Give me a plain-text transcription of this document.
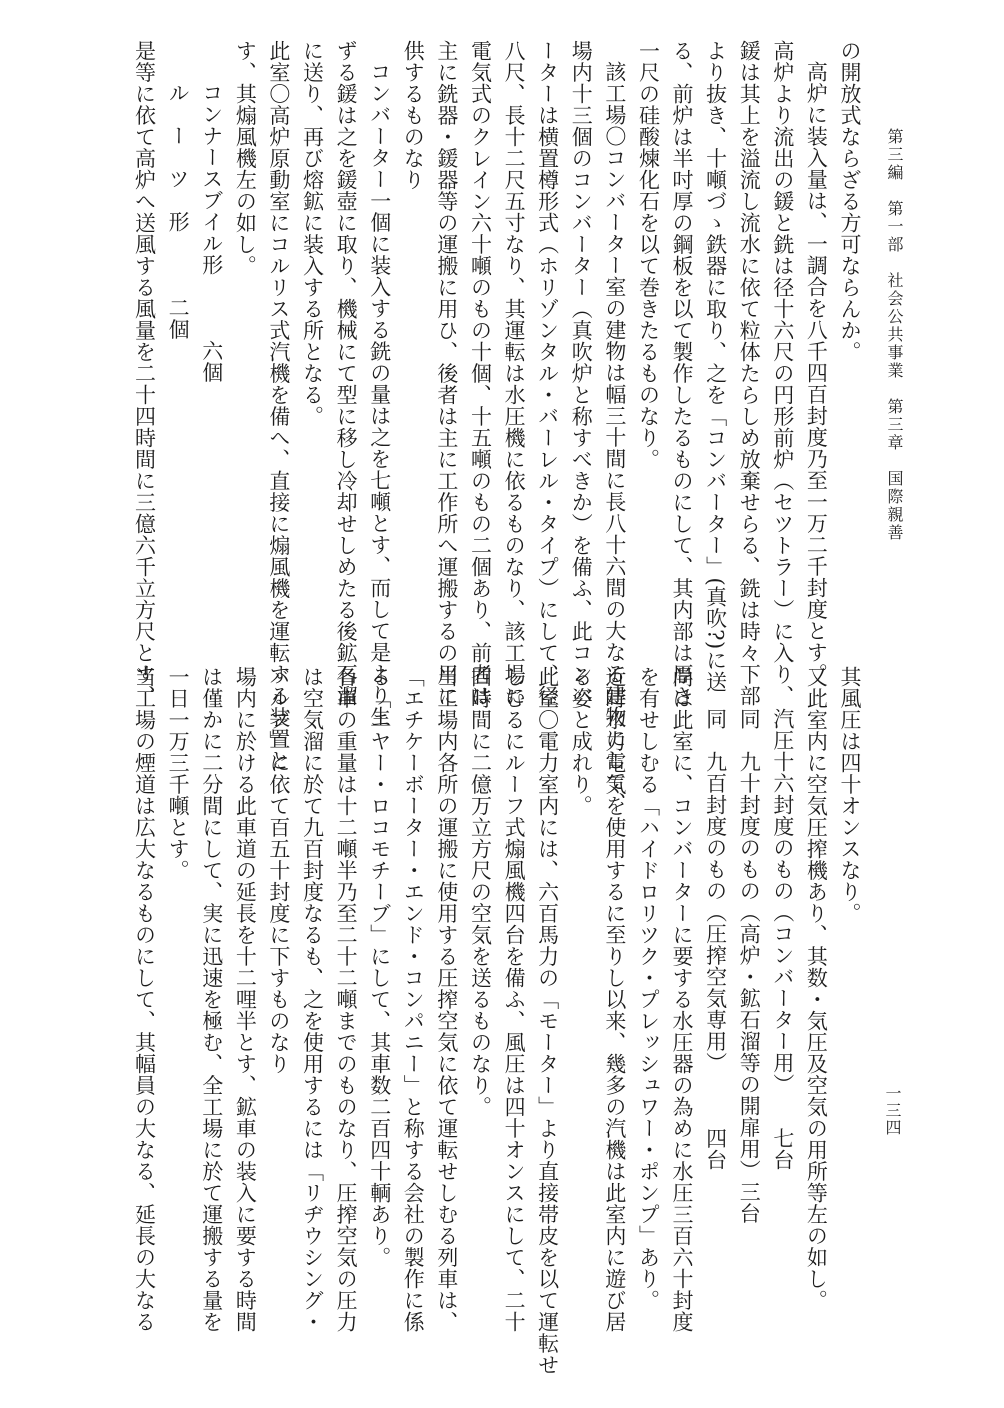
第三編　第一部　社会公共事業　第三章　国際親善
一三四
の開放式ならざる方可ならんか。
高炉に装入量は、一調合を八千四百封度乃至一万二千封度とす。
高炉より流出の鍰と銑は径十六尺の円形前炉（セツトラー）に入り、
鍰は其上を溢流し流水に依て粒体たらしめ放棄せらる、銑は時々下部
より抜き、十噸づゝ鉄器に取り、之を「コンバーター」(真吹?)に送
る、前炉は半吋厚の鋼板を以て製作したるものにして、其内部は厚さ
一尺の硅酸煉化石を以て巻きたるものなり。
該工場〇コンバーター室の建物は幅三十間に長八十六間の大なる建物にして、
場内十三個のコンバーター（真吹炉と称すべきか）を備ふ、此コンバ
ーターは横置樽形式（ホリゾンタル・バーレル・タイプ）にして、径
八尺、長十二尺五寸なり、其運転は水圧機に依るものなり、該工場に
電気式のクレイン六十噸のもの十個、十五噸のもの二個あり、前者は
主に銑器・鍰器等の運搬に用ひ、後者は主に工作所へ運搬するの用に
供するものなり
コンバーター一個に装入する銑の量は之を七噸とす、而して是より生
ずる鍰は之を鍰壺に取り、機械にて型に移し冷却せしめたる後鉱石溜
に送り、再び熔鉱に装入する所となる。
此室〇高炉原動室にコルリス式汽機を備へ、直接に煽風機を運転する装置と
す、其煽風機左の如し。
コンナースブイル形　　　六個
ル　ー　ツ　形　　　二個
是等に依て高炉へ送風する風量を二十四時間に三億六千立方尺とす、
其風圧は四十オンスなり。
又此室内に空気圧搾機あり、其数・気圧及空気の用所等左の如し。
汽圧十六封度のもの（コンバーター用）　　七台
同　九十封度のもの（高炉・鉱石溜等の開扉用）三台
同　九百封度のもの（圧搾空気専用）　　　四台
尚は此室に、コンバーターに要する水圧器の為めに水圧三百六十封度
を有せしむる「ハイドロリツク・プレッシュワー・ポンプ」あり。
近時水力電気を使用するに至りし以来、幾多の汽機は此室内に遊び居
る姿と成れり。
此室〇電力室内には、六百馬力の「モーター」より直接帯皮を以て運転せ
しむるにルーフ式煽風機四台を備ふ、風圧は四十オンスにして、二十
四時間に二億万立方尺の空気を送るものなり。
当工場内各所の運搬に使用する圧搾空気に依て運転せしむる列車は、
「エチケーボーター・エンド・コンパニー」と称する会社の製作に係
る「エヤー・ロコモチーブ」にして、其車数二百四十輌あり。
各車の重量は十二噸半乃至二十二噸までのものなり、圧搾空気の圧力
は空気溜に於て九百封度なるも、之を使用するには「リヂウシング・
バルブ」に依て百五十封度に下すものなり
場内に於ける此車道の延長を十二哩半とす、鉱車の装入に要する時間
は僅かに二分間にして、実に迅速を極む、全工場に於て運搬する量を
一日一万三千噸とす。
当工場の煙道は広大なるものにして、其幅員の大なる、延長の大なる
